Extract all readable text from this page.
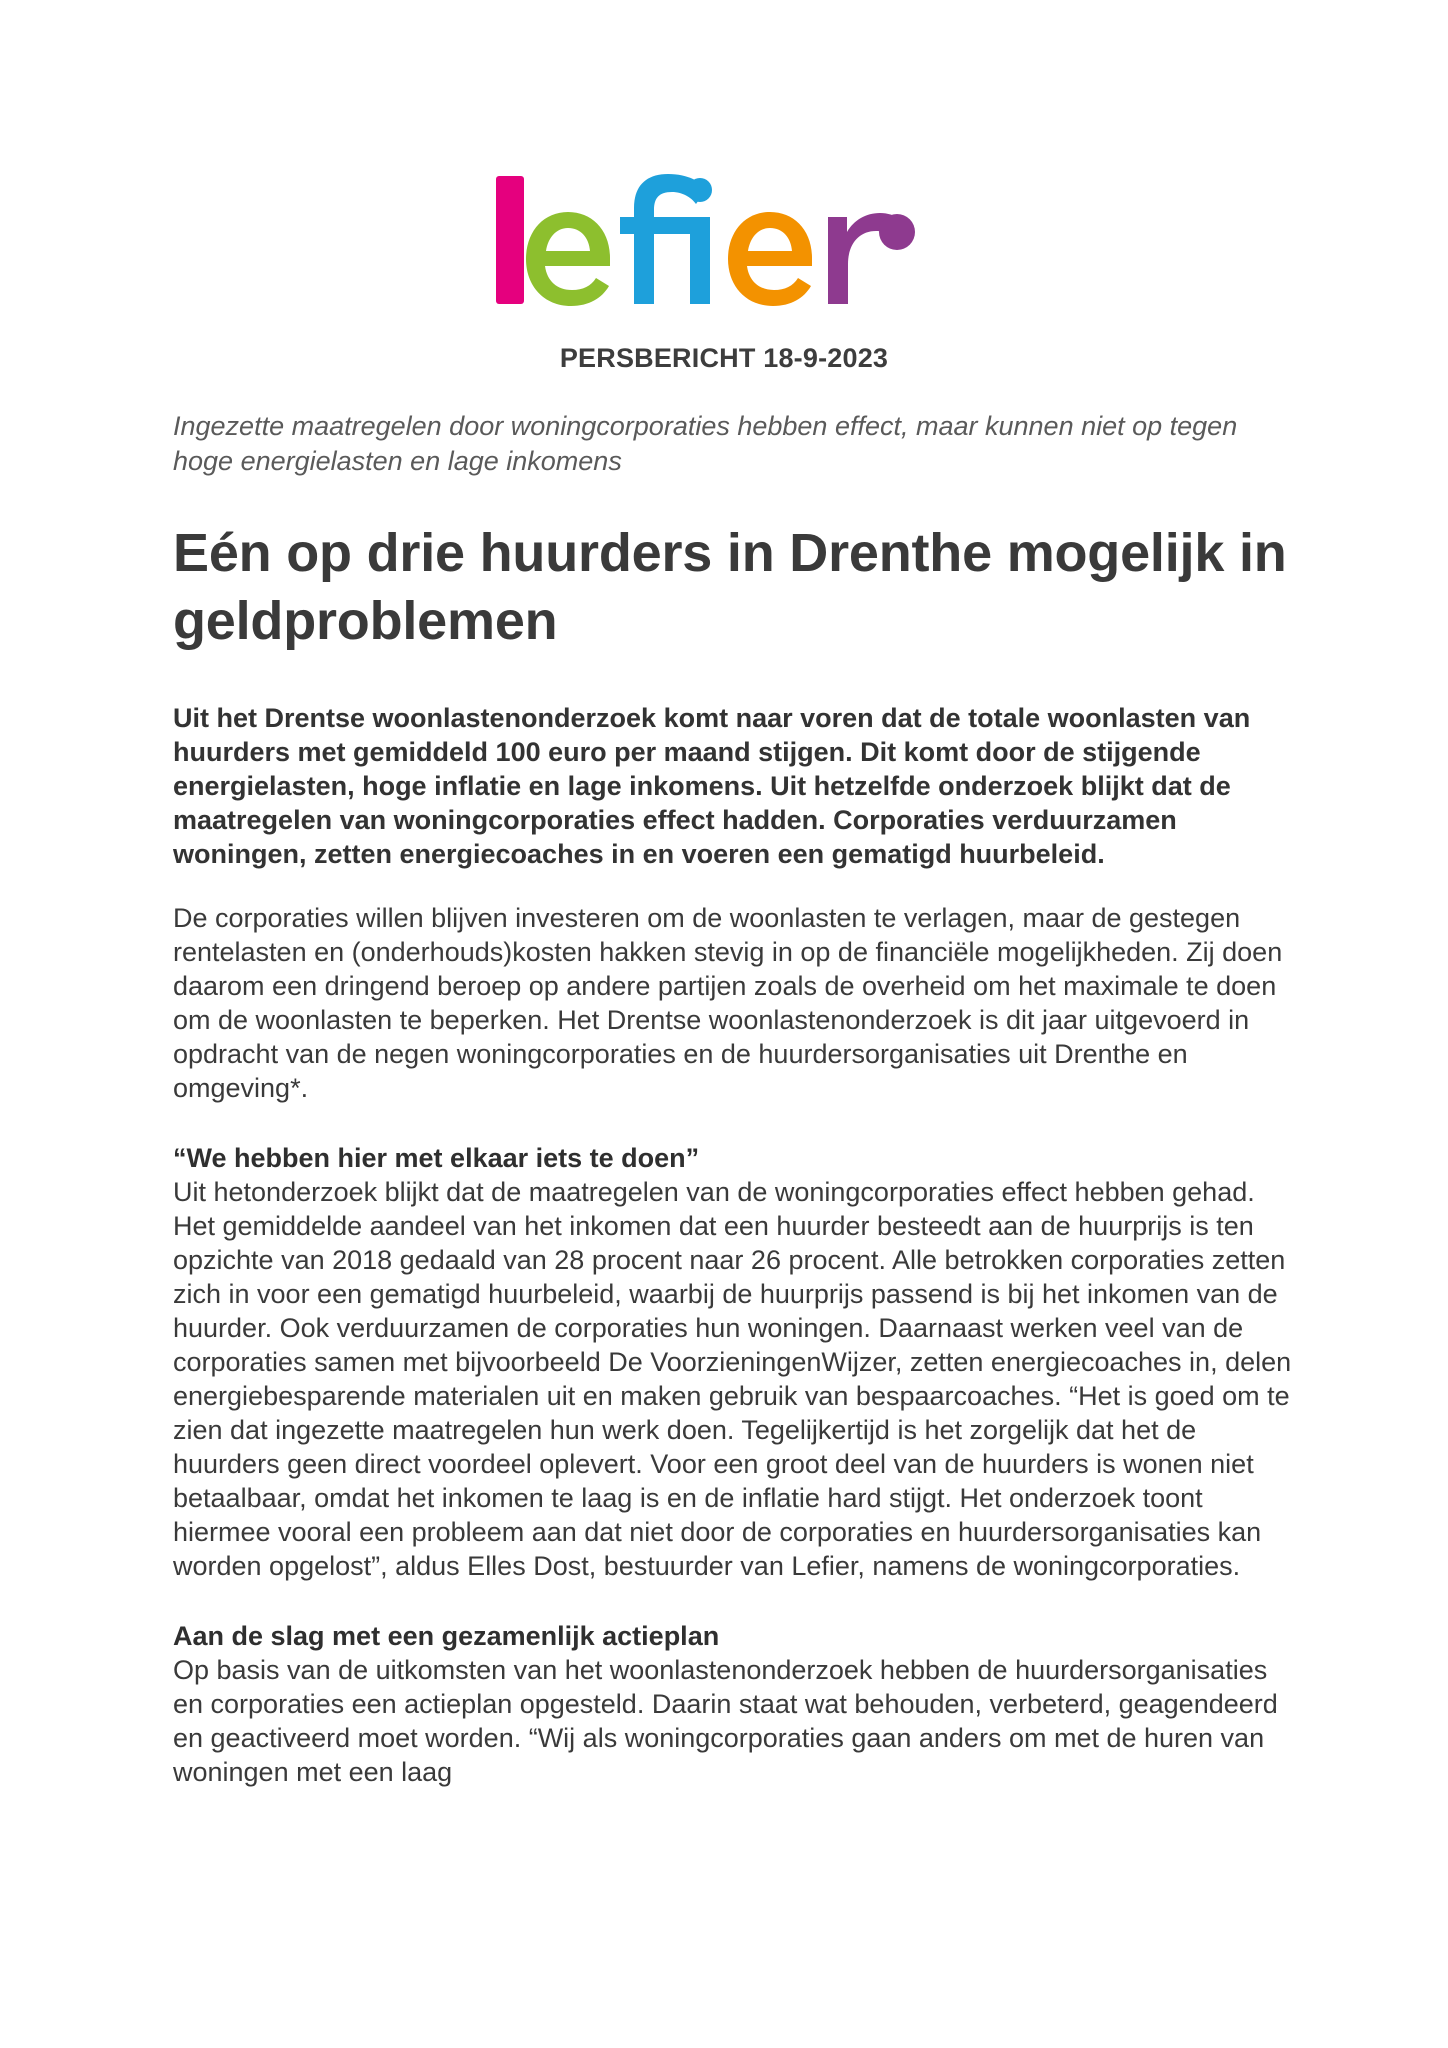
PERSBERICHT 18-9-2023

Ingezette maatregelen door woningcorporaties hebben effect, maar kunnen niet op tegen hoge energielasten en lage inkomens

Eén op drie huurders in Drenthe mogelijk in geldproblemen

Uit het Drentse woonlastenonderzoek komt naar voren dat de totale woonlasten van huurders met gemiddeld 100 euro per maand stijgen. Dit komt door de stijgende energielasten, hoge inflatie en lage inkomens. Uit hetzelfde onderzoek blijkt dat de maatregelen van woningcorporaties effect hadden. Corporaties verduurzamen woningen, zetten energiecoaches in en voeren een gematigd huurbeleid.

De corporaties willen blijven investeren om de woonlasten te verlagen, maar de gestegen rentelasten en (onderhouds)kosten hakken stevig in op de financiële mogelijkheden. Zij doen daarom een dringend beroep op andere partijen zoals de overheid om het maximale te doen om de woonlasten te beperken. Het Drentse woonlastenonderzoek is dit jaar uitgevoerd in opdracht van de negen woningcorporaties en de huurdersorganisaties uit Drenthe en omgeving*.

“We hebben hier met elkaar iets te doen”

Uit hetonderzoek blijkt dat de maatregelen van de woningcorporaties effect hebben gehad. Het gemiddelde aandeel van het inkomen dat een huurder besteedt aan de huurprijs is ten opzichte van 2018 gedaald van 28 procent naar 26 procent. Alle betrokken corporaties zetten zich in voor een gematigd huurbeleid, waarbij de huurprijs passend is bij het inkomen van de huurder. Ook verduurzamen de corporaties hun woningen. Daarnaast werken veel van de corporaties samen met bijvoorbeeld De VoorzieningenWijzer, zetten energiecoaches in, delen energiebesparende materialen uit en maken gebruik van bespaarcoaches. “Het is goed om te zien dat ingezette maatregelen hun werk doen. Tegelijkertijd is het zorgelijk dat het de huurders geen direct voordeel oplevert. Voor een groot deel van de huurders is wonen niet betaalbaar, omdat het inkomen te laag is en de inflatie hard stijgt. Het onderzoek toont hiermee vooral een probleem aan dat niet door de corporaties en huurdersorganisaties kan worden opgelost”, aldus Elles Dost, bestuurder van Lefier, namens de woningcorporaties.

Aan de slag met een gezamenlijk actieplan

Op basis van de uitkomsten van het woonlastenonderzoek hebben de huurdersorganisaties en corporaties een actieplan opgesteld. Daarin staat wat behouden, verbeterd, geagendeerd en geactiveerd moet worden. “Wij als woningcorporaties gaan anders om met de huren van woningen met een laag
